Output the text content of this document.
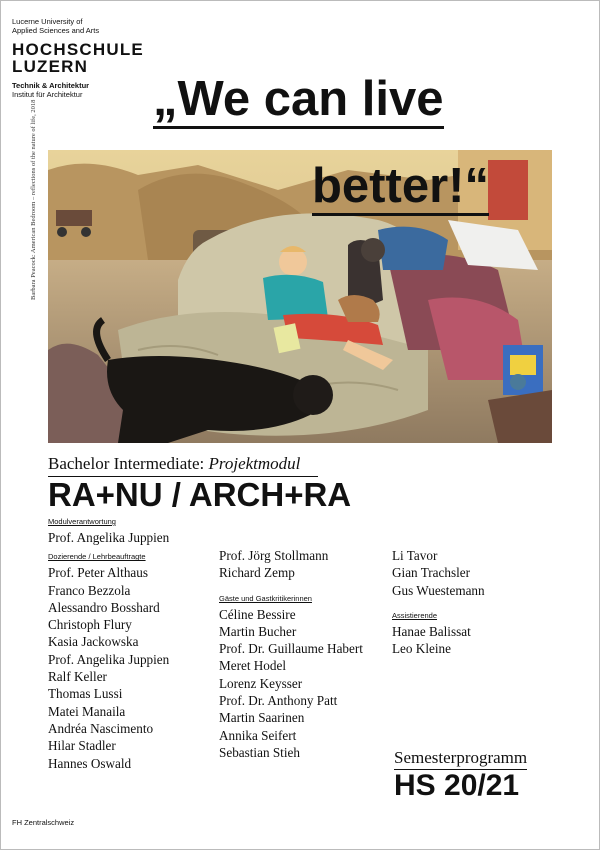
Lucerne University of
Applied Sciences and Arts
HOCHSCHULE
LUZERN
Technik & Architektur
Institut für Architektur	„We can live
better!“
Barbara Peacock: American Bedroom – reflections of the nature of life, 2018
Bachelor Intermediate: Projektmodul
RA+NU / ARCH+RA
Modulverantwortung
Prof. Angelika Juppien
Dozierende / Lehrbeauftragte
Prof. Peter Althaus
Franco Bezzola
Alessandro Bosshard
Christoph Flury
Kasia Jackowska
Prof. Angelika Juppien
Ralf Keller
Thomas Lussi
Matei Manaila
Andréa Nascimento
Hilar Stadler
Hannes Oswald
Prof. Jörg Stollmann
Richard Zemp
Gäste und Gastkritikerinnen
Céline Bessire
Martin Bucher
Prof. Dr. Guillaume Habert
Meret Hodel
Lorenz Keysser
Prof. Dr. Anthony Patt
Martin Saarinen
Annika Seifert
Sebastian Stieh
Li Tavor
Gian Trachsler
Gus Wuestemann
Assistierende
Hanae Balissat
Leo Kleine
Semesterprogramm
HS 20/21
FH Zentralschweiz
